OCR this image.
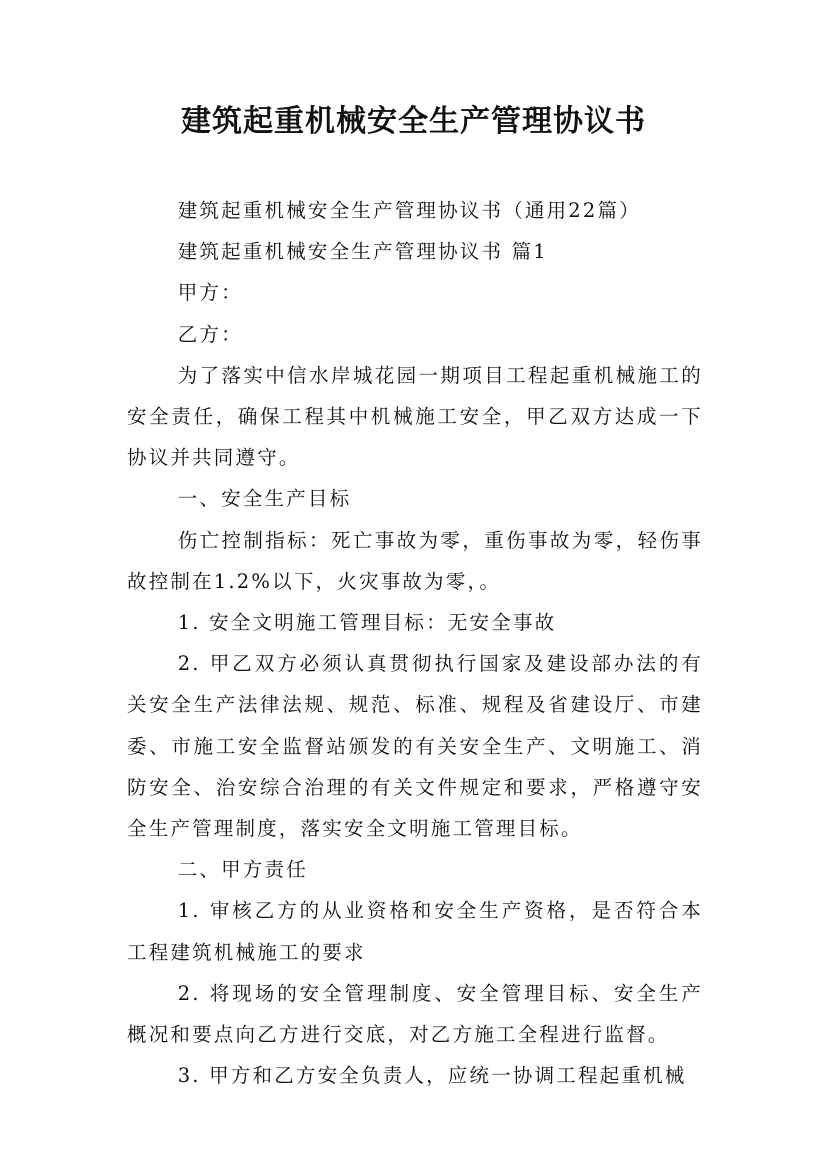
建筑起重机械安全生产管理协议书

建筑起重机械安全生产管理协议书（通用22篇）

建筑起重机械安全生产管理协议书 篇1

甲方：

乙方：

为了落实中信水岸城花园一期项目工程起重机械施工的安全责任，确保工程其中机械施工安全，甲乙双方达成一下协议并共同遵守。

一、安全生产目标

伤亡控制指标：死亡事故为零，重伤事故为零，轻伤事故控制在1.2%以下，火灾事故为零，。

1. 安全文明施工管理目标：无安全事故

2. 甲乙双方必须认真贯彻执行国家及建设部办法的有关安全生产法律法规、规范、标准、规程及省建设厅、市建委、市施工安全监督站颁发的有关安全生产、文明施工、消防安全、治安综合治理的有关文件规定和要求，严格遵守安全生产管理制度，落实安全文明施工管理目标。

二、甲方责任

1. 审核乙方的从业资格和安全生产资格，是否符合本工程建筑机械施工的要求

2. 将现场的安全管理制度、安全管理目标、安全生产概况和要点向乙方进行交底，对乙方施工全程进行监督。

3. 甲方和乙方安全负责人，应统一协调工程起重机械
